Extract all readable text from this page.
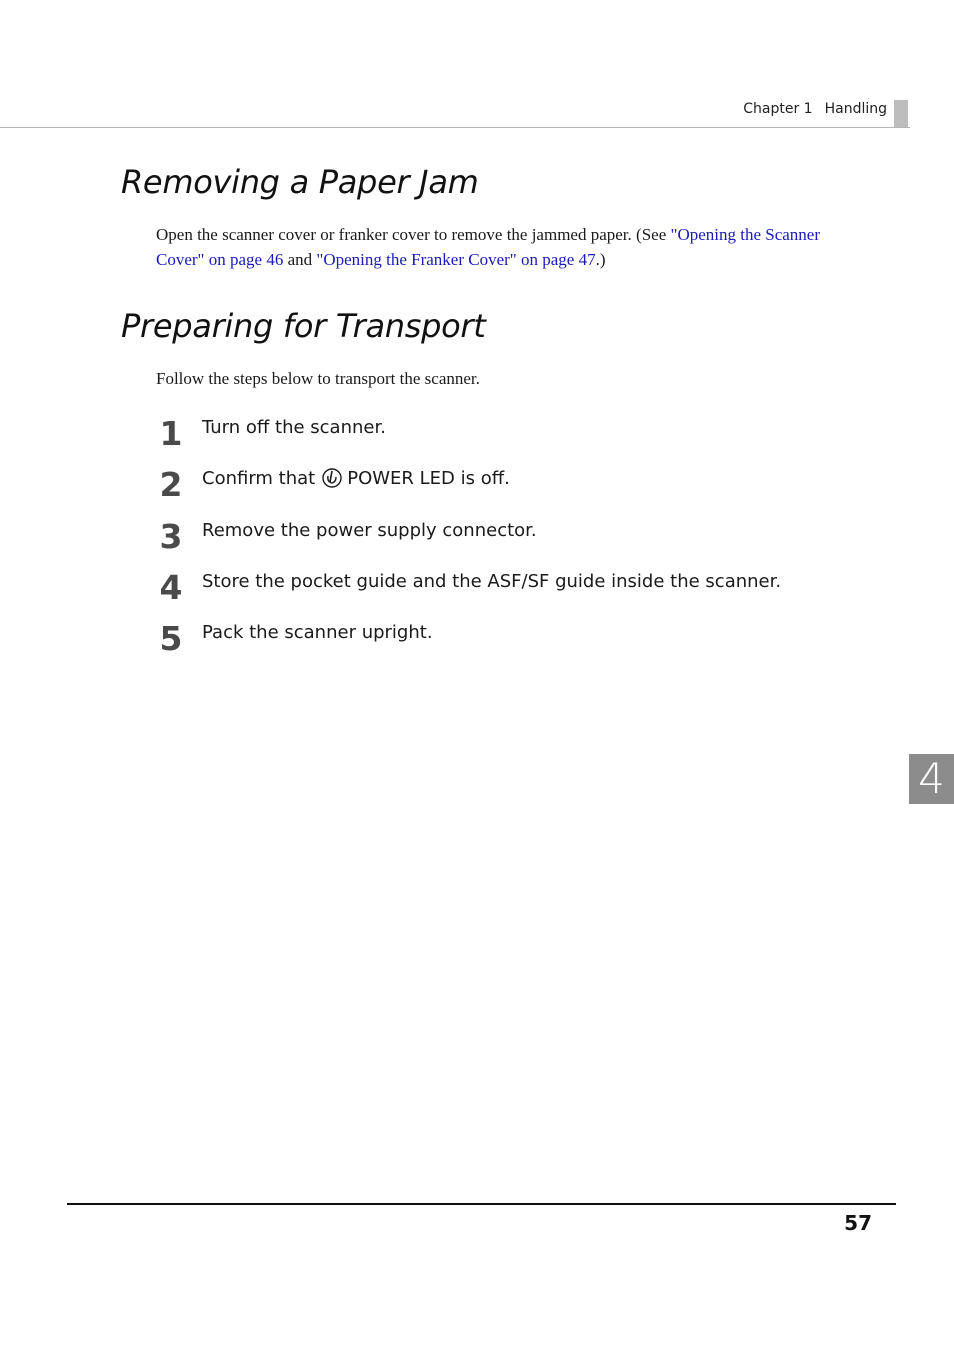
Chapter 1 Handling
Removing a Paper Jam

Open the scanner cover or franker cover to remove the jammed paper. (See "Opening the Scanner Cover" on page 46 and "Opening the Franker Cover" on page 47.)

Preparing for Transport

Follow the steps below to transport the scanner.

1 Turn off the scanner.
2 Confirm that POWER LED is off.
3 Remove the power supply connector.
4 Store the pocket guide and the ASF/SF guide inside the scanner.
5 Pack the scanner upright.
4
57
